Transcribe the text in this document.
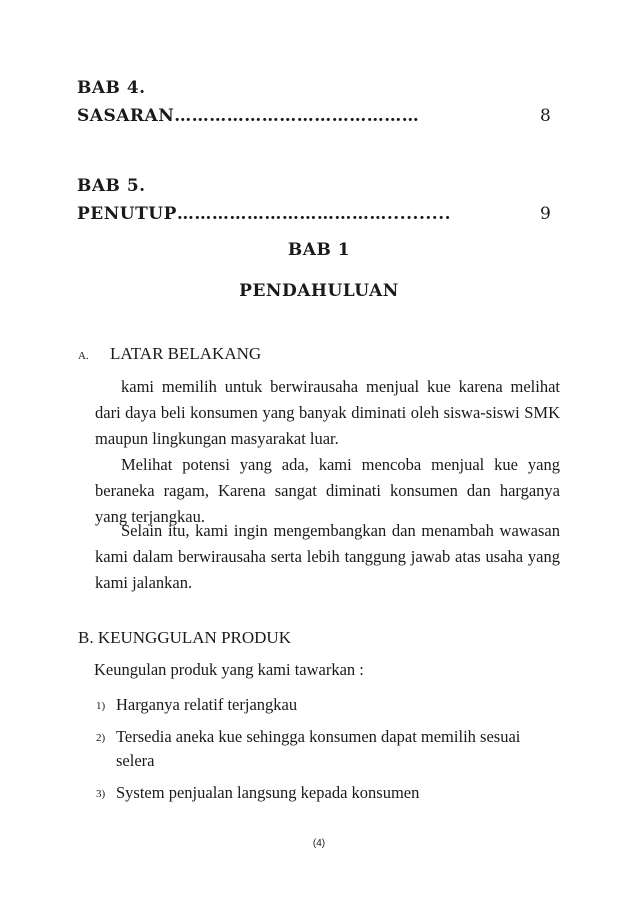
BAB 4.
SASARAN……………………………………	8
BAB 5.
PENUTUP………………………………..........	9
BAB 1
PENDAHULUAN
A. LATAR BELAKANG
kami memilih untuk berwirausaha menjual kue karena melihat dari daya beli konsumen yang banyak diminati oleh siswa-siswi SMK maupun lingkungan masyarakat luar.
Melihat potensi yang ada, kami mencoba menjual kue yang beraneka ragam, Karena sangat diminati konsumen dan harganya yang terjangkau.
Selain itu, kami ingin mengembangkan dan menambah wawasan kami dalam berwirausaha serta lebih tanggung jawab atas usaha yang kami jalankan.
B. KEUNGGULAN PRODUK
Keungulan produk yang kami tawarkan :
1) Harganya relatif terjangkau
2) Tersedia aneka kue sehingga konsumen dapat memilih sesuai selera
3) System penjualan langsung kepada konsumen
(4)
